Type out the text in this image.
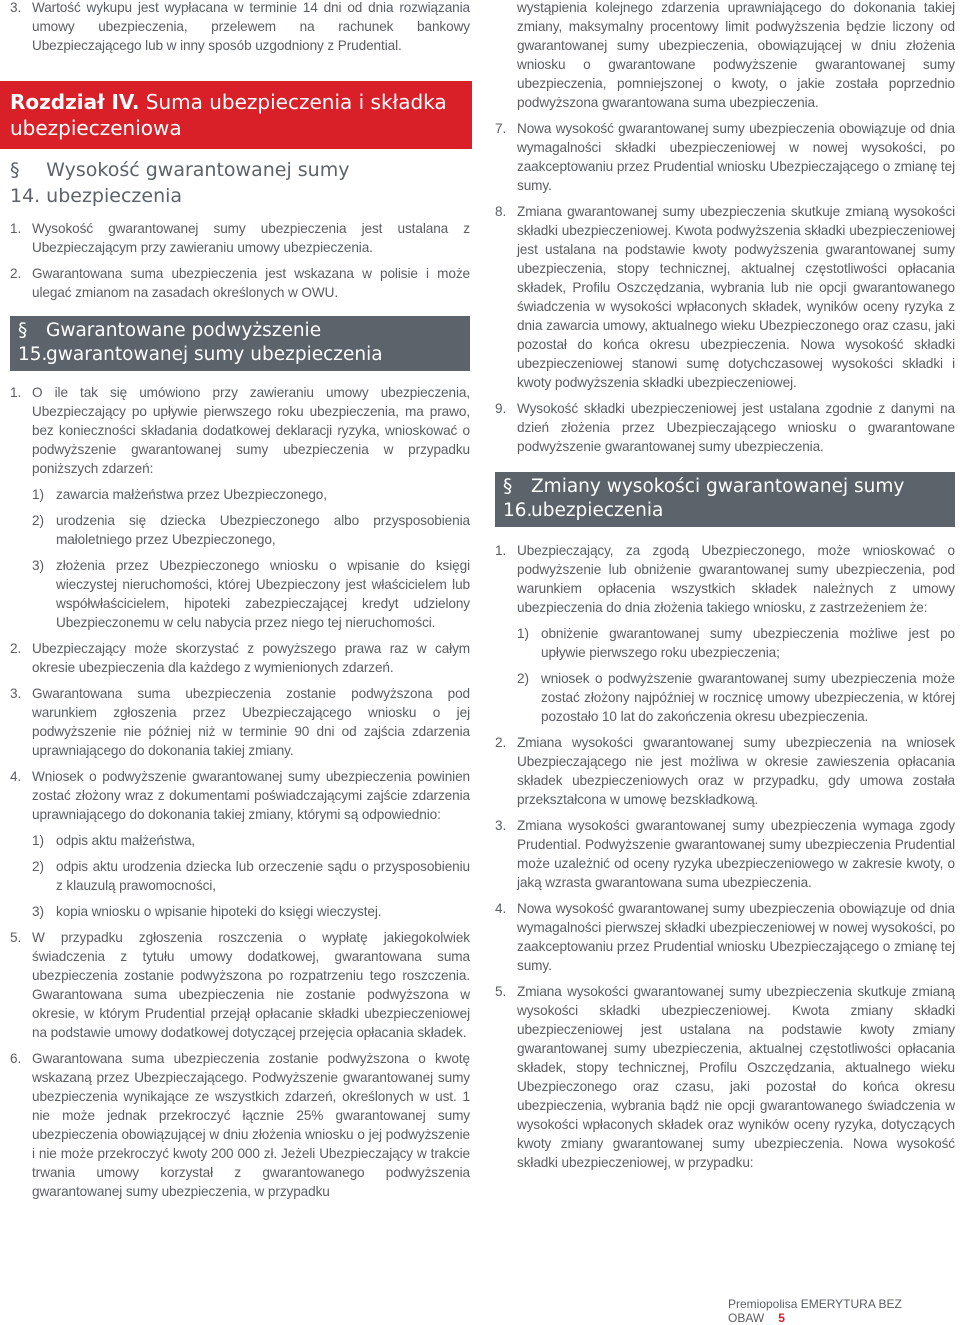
3. Wartość wykupu jest wypłacana w terminie 14 dni od dnia rozwiązania umowy ubezpieczenia, przelewem na rachunek bankowy Ubezpieczającego lub w inny sposób uzgodniony z Prudential.
Rozdział IV. Suma ubezpieczenia i składka ubezpieczeniowa
§ 14.
Wysokość gwarantowanej sumy ubezpieczenia
1. Wysokość gwarantowanej sumy ubezpieczenia jest ustalana z Ubezpieczającym przy zawieraniu umowy ubezpieczenia.
2. Gwarantowana suma ubezpieczenia jest wskazana w polisie i może ulegać zmianom na zasadach określonych w OWU.
§ 15.
Gwarantowane podwyższenie gwarantowanej sumy ubezpieczenia
1. O ile tak się umówiono przy zawieraniu umowy ubezpieczenia, Ubezpieczający po upływie pierwszego roku ubezpieczenia, ma prawo, bez konieczności składania dodatkowej deklaracji ryzyka, wnioskować o podwyższenie gwarantowanej sumy ubezpieczenia w przypadku poniższych zdarzeń:
1) zawarcia małżeństwa przez Ubezpieczonego,
2) urodzenia się dziecka Ubezpieczonego albo przysposobienia małoletniego przez Ubezpieczonego,
3) złożenia przez Ubezpieczonego wniosku o wpisanie do księgi wieczystej nieruchomości, której Ubezpieczony jest właścicielem lub współwłaścicielem, hipoteki zabezpieczającej kredyt udzielony Ubezpieczonemu w celu nabycia przez niego tej nieruchomości.
2. Ubezpieczający może skorzystać z powyższego prawa raz w całym okresie ubezpieczenia dla każdego z wymienionych zdarzeń.
3. Gwarantowana suma ubezpieczenia zostanie podwyższona pod warunkiem zgłoszenia przez Ubezpieczającego wniosku o jej podwyższenie nie później niż w terminie 90 dni od zajścia zdarzenia uprawniającego do dokonania takiej zmiany.
4. Wniosek o podwyższenie gwarantowanej sumy ubezpieczenia powinien zostać złożony wraz z dokumentami poświadczającymi zajście zdarzenia uprawniającego do dokonania takiej zmiany, którymi są odpowiednio:
1) odpis aktu małżeństwa,
2) odpis aktu urodzenia dziecka lub orzeczenie sądu o przysposobieniu z klauzulą prawomocności,
3) kopia wniosku o wpisanie hipoteki do księgi wieczystej.
5. W przypadku zgłoszenia roszczenia o wypłatę jakiegokolwiek świadczenia z tytułu umowy dodatkowej, gwarantowana suma ubezpieczenia zostanie podwyższona po rozpatrzeniu tego roszczenia. Gwarantowana suma ubezpieczenia nie zostanie podwyższona w okresie, w którym Prudential przejął opłacanie składki ubezpieczeniowej na podstawie umowy dodatkowej dotyczącej przejęcia opłacania składek.
6. Gwarantowana suma ubezpieczenia zostanie podwyższona o kwotę wskazaną przez Ubezpieczającego. Podwyższenie gwarantowanej sumy ubezpieczenia wynikające ze wszystkich zdarzeń, określonych w ust. 1 nie może jednak przekroczyć łącznie 25% gwarantowanej sumy ubezpieczenia obowiązującej w dniu złożenia wniosku o jej podwyższenie i nie może przekroczyć kwoty 200 000 zł. Jeżeli Ubezpieczający w trakcie trwania umowy korzystał z gwarantowanego podwyższenia gwarantowanej sumy ubezpieczenia, w przypadku
wystąpienia kolejnego zdarzenia uprawniającego do dokonania takiej zmiany, maksymalny procentowy limit podwyższenia będzie liczony od gwarantowanej sumy ubezpieczenia, obowiązującej w dniu złożenia wniosku o gwarantowane podwyższenie gwarantowanej sumy ubezpieczenia, pomniejszonej o kwoty, o jakie została poprzednio podwyższona gwarantowana suma ubezpieczenia.
7. Nowa wysokość gwarantowanej sumy ubezpieczenia obowiązuje od dnia wymagalności składki ubezpieczeniowej w nowej wysokości, po zaakceptowaniu przez Prudential wniosku Ubezpieczającego o zmianę tej sumy.
8. Zmiana gwarantowanej sumy ubezpieczenia skutkuje zmianą wysokości składki ubezpieczeniowej. Kwota podwyższenia składki ubezpieczeniowej jest ustalana na podstawie kwoty podwyższenia gwarantowanej sumy ubezpieczenia, stopy technicznej, aktualnej częstotliwości opłacania składek, Profilu Oszczędzania, wybrania lub nie opcji gwarantowanego świadczenia w wysokości wpłaconych składek, wyników oceny ryzyka z dnia zawarcia umowy, aktualnego wieku Ubezpieczonego oraz czasu, jaki pozostał do końca okresu ubezpieczenia. Nowa wysokość składki ubezpieczeniowej stanowi sumę dotychczasowej wysokości składki i kwoty podwyższenia składki ubezpieczeniowej.
9. Wysokość składki ubezpieczeniowej jest ustalana zgodnie z danymi na dzień złożenia przez Ubezpieczającego wniosku o gwarantowane podwyższenie gwarantowanej sumy ubezpieczenia.
§ 16.
Zmiany wysokości gwarantowanej sumy ubezpieczenia
1. Ubezpieczający, za zgodą Ubezpieczonego, może wnioskować o podwyższenie lub obniżenie gwarantowanej sumy ubezpieczenia, pod warunkiem opłacenia wszystkich składek należnych z umowy ubezpieczenia do dnia złożenia takiego wniosku, z zastrzeżeniem że:
1) obniżenie gwarantowanej sumy ubezpieczenia możliwe jest po upływie pierwszego roku ubezpieczenia;
2) wniosek o podwyższenie gwarantowanej sumy ubezpieczenia może zostać złożony najpóźniej w rocznicę umowy ubezpieczenia, w której pozostało 10 lat do zakończenia okresu ubezpieczenia.
2. Zmiana wysokości gwarantowanej sumy ubezpieczenia na wniosek Ubezpieczającego nie jest możliwa w okresie zawieszenia opłacania składek ubezpieczeniowych oraz w przypadku, gdy umowa została przekształcona w umowę bezskładkową.
3. Zmiana wysokości gwarantowanej sumy ubezpieczenia wymaga zgody Prudential. Podwyższenie gwarantowanej sumy ubezpieczenia Prudential może uzależnić od oceny ryzyka ubezpieczeniowego w zakresie kwoty, o jaką wzrasta gwarantowana suma ubezpieczenia.
4. Nowa wysokość gwarantowanej sumy ubezpieczenia obowiązuje od dnia wymagalności pierwszej składki ubezpieczeniowej w nowej wysokości, po zaakceptowaniu przez Prudential wniosku Ubezpieczającego o zmianę tej sumy.
5. Zmiana wysokości gwarantowanej sumy ubezpieczenia skutkuje zmianą wysokości składki ubezpieczeniowej. Kwota zmiany składki ubezpieczeniowej jest ustalana na podstawie kwoty zmiany gwarantowanej sumy ubezpieczenia, aktualnej częstotliwości opłacania składek, stopy technicznej, Profilu Oszczędzania, aktualnego wieku Ubezpieczonego oraz czasu, jaki pozostał do końca okresu ubezpieczenia, wybrania bądź nie opcji gwarantowanego świadczenia w wysokości wpłaconych składek oraz wyników oceny ryzyka, dotyczących kwoty zmiany gwarantowanej sumy ubezpieczenia. Nowa wysokość składki ubezpieczeniowej, w przypadku:
Premiopolisa EMERYTURA BEZ OBAW 5
